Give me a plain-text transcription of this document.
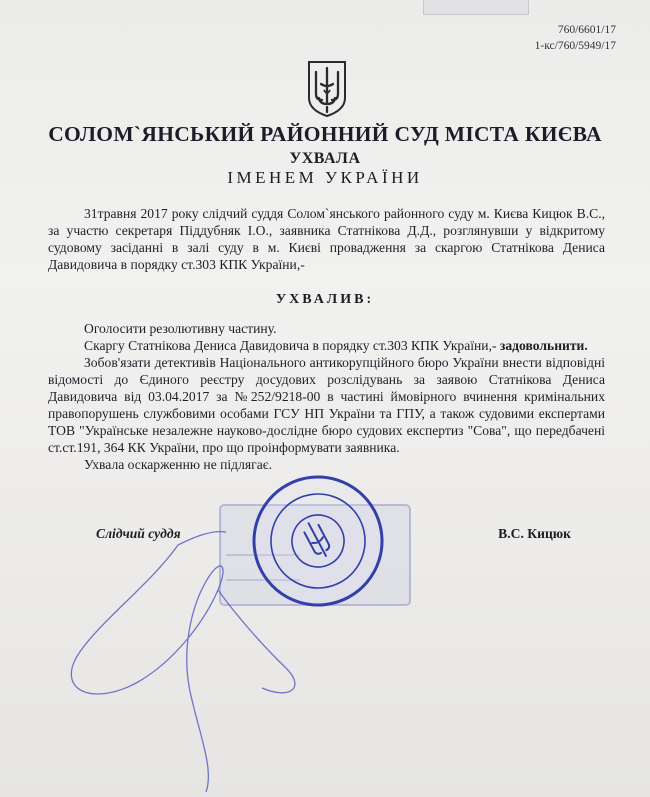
760/6601/17
1-кс/760/5949/17
СОЛОМ`ЯНСЬКИЙ РАЙОННИЙ СУД МІСТА КИЄВА
УХВАЛА
ІМЕНЕМ УКРАЇНИ
31травня 2017 року слідчий суддя Солом`янського районного суду м. Києва Кицюк В.С., за участю секретаря Піддубняк І.О., заявника Статнікова Д.Д., розглянувши у відкритому судовому засіданні в залі суду в м. Києві провадження за скаргою Статнікова Дениса Давидовича в порядку ст.303 КПК України,-
УХВАЛИВ:

Оголосити резолютивну частину.

Скаргу Статнікова Дениса Давидовича в порядку ст.303 КПК України,- задовольнити.

Зобов'язати детективів Національного антикорупційного бюро України внести відповідні відомості до Єдиного реєстру досудових розслідувань за заявою Статнікова Дениса Давидовича від 03.04.2017 за №252/9218-00 в частині ймовірного вчинення кримінальних правопорушень службовими особами ГСУ НП України та ГПУ, а також судовими експертами ТОВ "Українське незалежне науково-дослідне бюро судових експертиз "Сова", що передбачені ст.ст.191, 364 КК України, про що проінформувати заявника.

Ухвала оскарженню не підлягає.

Слідчий суддя	В.С. Кицюк
